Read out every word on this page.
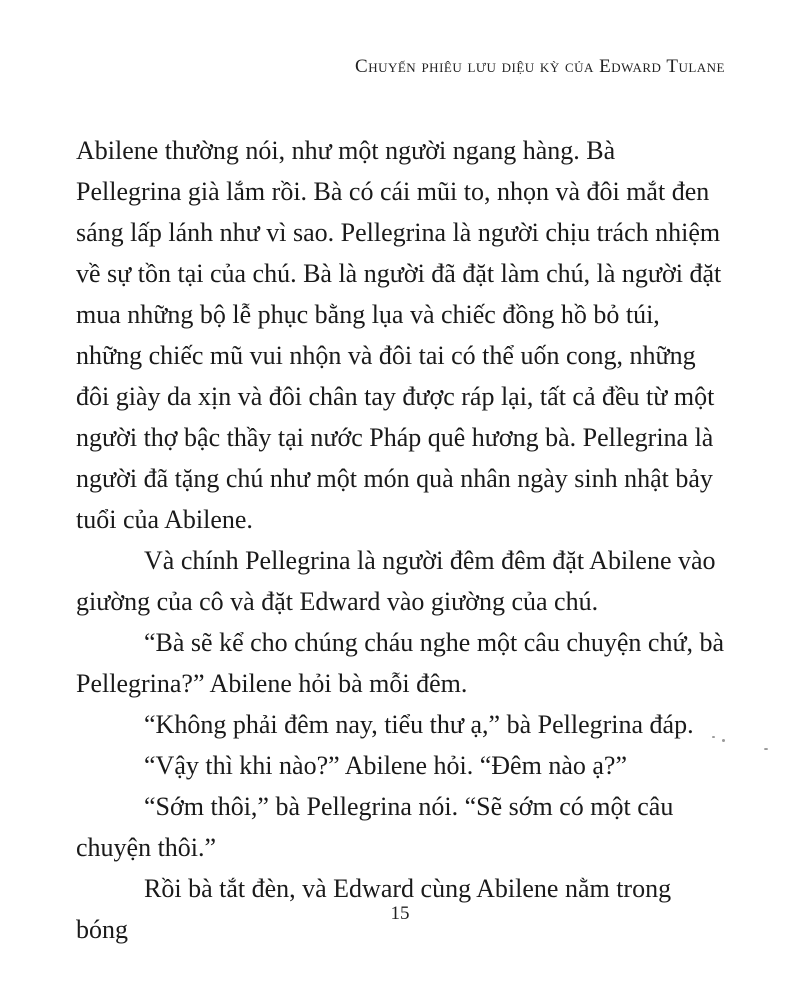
Chuyến phiêu lưu diệu kỳ của Edward Tulane

Abilene thường nói, như một người ngang hàng. Bà Pellegrina già lắm rồi. Bà có cái mũi to, nhọn và đôi mắt đen sáng lấp lánh như vì sao. Pellegrina là người chịu trách nhiệm về sự tồn tại của chú. Bà là người đã đặt làm chú, là người đặt mua những bộ lễ phục bằng lụa và chiếc đồng hồ bỏ túi, những chiếc mũ vui nhộn và đôi tai có thể uốn cong, những đôi giày da xịn và đôi chân tay được ráp lại, tất cả đều từ một người thợ bậc thầy tại nước Pháp quê hương bà. Pellegrina là người đã tặng chú như một món quà nhân ngày sinh nhật bảy tuổi của Abilene.

Và chính Pellegrina là người đêm đêm đặt Abilene vào giường của cô và đặt Edward vào giường của chú.

“Bà sẽ kể cho chúng cháu nghe một câu chuyện chứ, bà Pellegrina?” Abilene hỏi bà mỗi đêm.

“Không phải đêm nay, tiểu thư ạ,” bà Pellegrina đáp.

“Vậy thì khi nào?” Abilene hỏi. “Đêm nào ạ?”

“Sớm thôi,” bà Pellegrina nói. “Sẽ sớm có một câu chuyện thôi.”

Rồi bà tắt đèn, và Edward cùng Abilene nằm trong bóng

15
